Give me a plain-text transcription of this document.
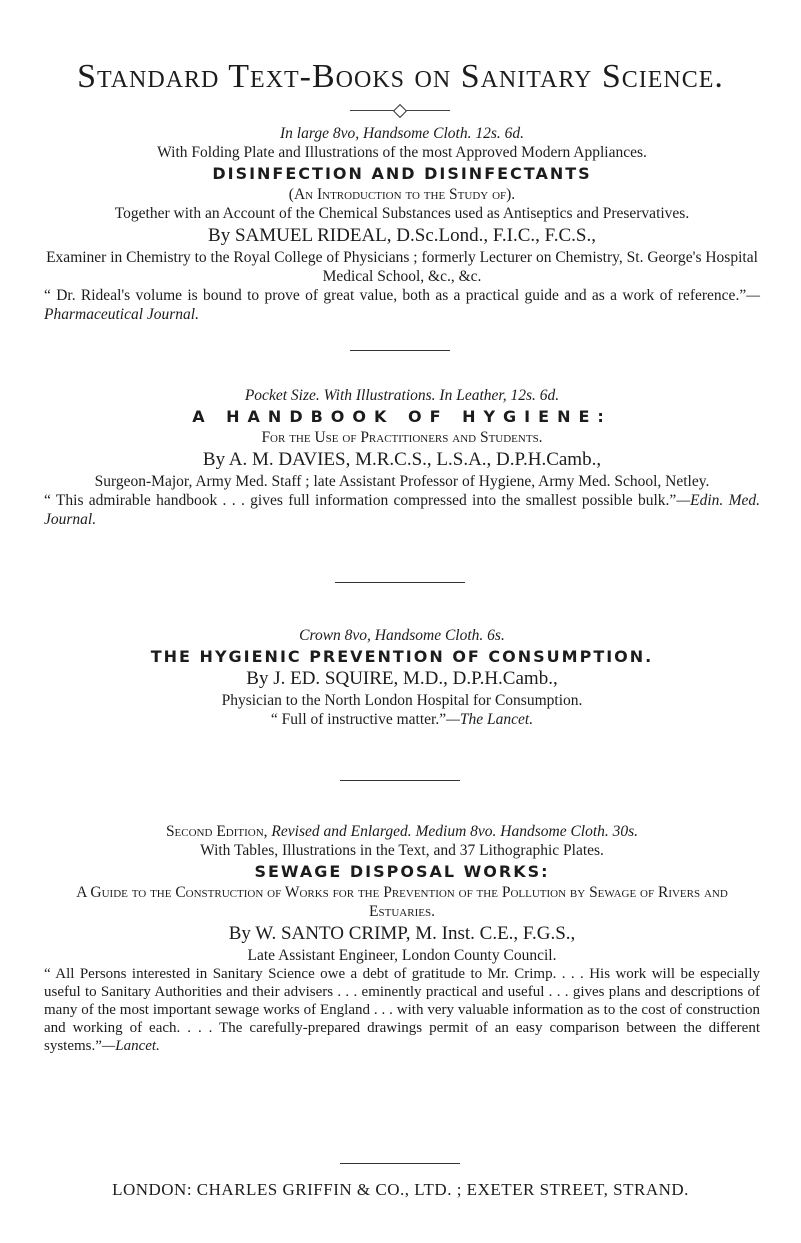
Standard Text-Books on Sanitary Science.

In large 8vo, Handsome Cloth. 12s. 6d.

With Folding Plate and Illustrations of the most Approved Modern Appliances.

DISINFECTION AND DISINFECTANTS

(An Introduction to the Study of).

Together with an Account of the Chemical Substances used as Antiseptics and Preservatives.

By SAMUEL RIDEAL, D.Sc.Lond., F.I.C., F.C.S.,

Examiner in Chemistry to the Royal College of Physicians ; formerly Lecturer on Chemistry, St. George's Hospital Medical School, &c., &c.

“ Dr. Rideal's volume is bound to prove of great value, both as a practical guide and as a work of reference.”—Pharmaceutical Journal.

Pocket Size. With Illustrations. In Leather, 12s. 6d.

A HANDBOOK OF HYGIENE:

For the Use of Practitioners and Students.

By A. M. DAVIES, M.R.C.S., L.S.A., D.P.H.Camb.,

Surgeon-Major, Army Med. Staff ; late Assistant Professor of Hygiene, Army Med. School, Netley.

“ This admirable handbook . . . gives full information compressed into the smallest possible bulk.”—Edin. Med. Journal.

Crown 8vo, Handsome Cloth. 6s.

THE HYGIENIC PREVENTION OF CONSUMPTION.

By J. ED. SQUIRE, M.D., D.P.H.Camb.,

Physician to the North London Hospital for Consumption.

“ Full of instructive matter.”—The Lancet.

Second Edition, Revised and Enlarged. Medium 8vo. Handsome Cloth. 30s.

With Tables, Illustrations in the Text, and 37 Lithographic Plates.

SEWAGE DISPOSAL WORKS:

A Guide to the Construction of Works for the Prevention of the Pollution by Sewage of Rivers and Estuaries.

By W. SANTO CRIMP, M. Inst. C.E., F.G.S.,

Late Assistant Engineer, London County Council.

“ All Persons interested in Sanitary Science owe a debt of gratitude to Mr. Crimp. . . . His work will be especially useful to Sanitary Authorities and their advisers . . . eminently practical and useful . . . gives plans and descriptions of many of the most important sewage works of England . . . with very valuable information as to the cost of construction and working of each. . . . The carefully-prepared drawings permit of an easy comparison between the different systems.”—Lancet.

LONDON: CHARLES GRIFFIN & CO., LTD. ; EXETER STREET, STRAND.
